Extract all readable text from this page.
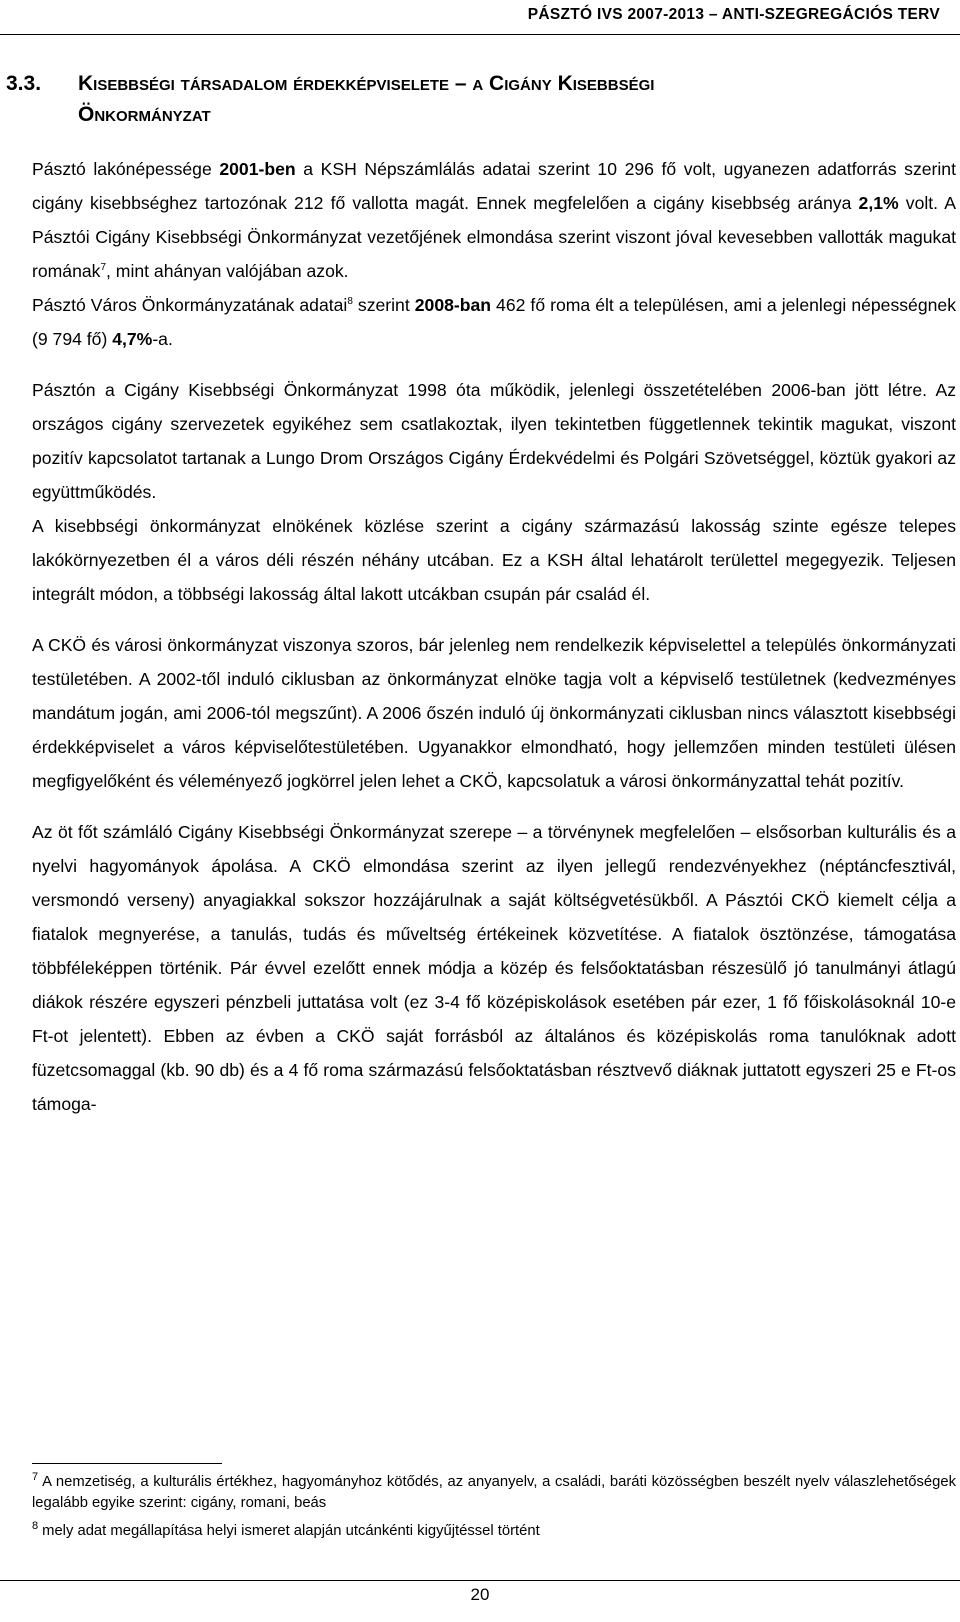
PÁSZTÓ IVS 2007-2013 – ANTI-SZEGREGÁCIÓS TERV
3.3. Kisebbségi társadalom érdekképviselete – a Cigány Kisebbségi
Önkormányzat

Pásztó lakónépessége 2001-ben a KSH Népszámlálás adatai szerint 10 296 fő volt, ugyanezen adatforrás szerint cigány kisebbséghez tartozónak 212 fő vallotta magát. Ennek megfelelően a cigány kisebbség aránya 2,1% volt. A Pásztói Cigány Kisebbségi Önkormányzat vezetőjének elmondása szerint viszont jóval kevesebben vallották magukat romának$^7$, mint ahányan valójában azok.

Pásztó Város Önkormányzatának adatai$^8$ szerint 2008-ban 462 fő roma élt a településen, ami a jelenlegi népességnek (9 794 fő) 4,7%-a.

Pásztón a Cigány Kisebbségi Önkormányzat 1998 óta működik, jelenlegi összetételében 2006-ban jött létre. Az országos cigány szervezetek egyikéhez sem csatlakoztak, ilyen tekintetben függetlennek tekintik magukat, viszont pozitív kapcsolatot tartanak a Lungo Drom Országos Cigány Érdekvédelmi és Polgári Szövetséggel, köztük gyakori az együttműködés.

A kisebbségi önkormányzat elnökének közlése szerint a cigány származású lakosság szinte egésze telepes lakókörnyezetben él a város déli részén néhány utcában. Ez a KSH által lehatárolt területtel megegyezik. Teljesen integrált módon, a többségi lakosság által lakott utcákban csupán pár család él.

A CKÖ és városi önkormányzat viszonya szoros, bár jelenleg nem rendelkezik képviselettel a település önkormányzati testületében. A 2002-től induló ciklusban az önkormányzat elnöke tagja volt a képviselő testületnek (kedvezményes mandátum jogán, ami 2006-tól megszűnt). A 2006 őszén induló új önkormányzati ciklusban nincs választott kisebbségi érdekképviselet a város képviselőtestületében. Ugyanakkor elmondható, hogy jellemzően minden testületi ülésen megfigyelőként és véleményező jogkörrel jelen lehet a CKÖ, kapcsolatuk a városi önkormányzattal tehát pozitív.

Az öt főt számláló Cigány Kisebbségi Önkormányzat szerepe – a törvénynek megfelelően – elsősorban kulturális és a nyelvi hagyományok ápolása. A CKÖ elmondása szerint az ilyen jellegű rendezvényekhez (néptáncfesztivál, versmondó verseny) anyagiakkal sokszor hozzájárulnak a saját költségvetésükből. A Pásztói CKÖ kiemelt célja a fiatalok megnyerése, a tanulás, tudás és műveltség értékeinek közvetítése. A fiatalok ösztönzése, támogatása többféleképpen történik. Pár évvel ezelőtt ennek módja a közép és felsőoktatásban részesülő jó tanulmányi átlagú diákok részére egyszeri pénzbeli juttatása volt (ez 3-4 fő középiskolások esetében pár ezer, 1 fő főiskolásoknál 10-e Ft-ot jelentett). Ebben az évben a CKÖ saját forrásból az általános és középiskolás roma tanulóknak adott füzetcsomaggal (kb. 90 db) és a 4 fő roma származású felsőoktatásban résztvevő diáknak juttatott egyszeri 25 e Ft-os támoga-

$^7$ A nemzetiség, a kulturális értékhez, hagyományhoz kötődés, az anyanyelv, a családi, baráti közösségben beszélt nyelv válaszlehetőségek legalább egyike szerint: cigány, romani, beás

$^8$ mely adat megállapítása helyi ismeret alapján utcánkénti kigyűjtéssel történt

20
